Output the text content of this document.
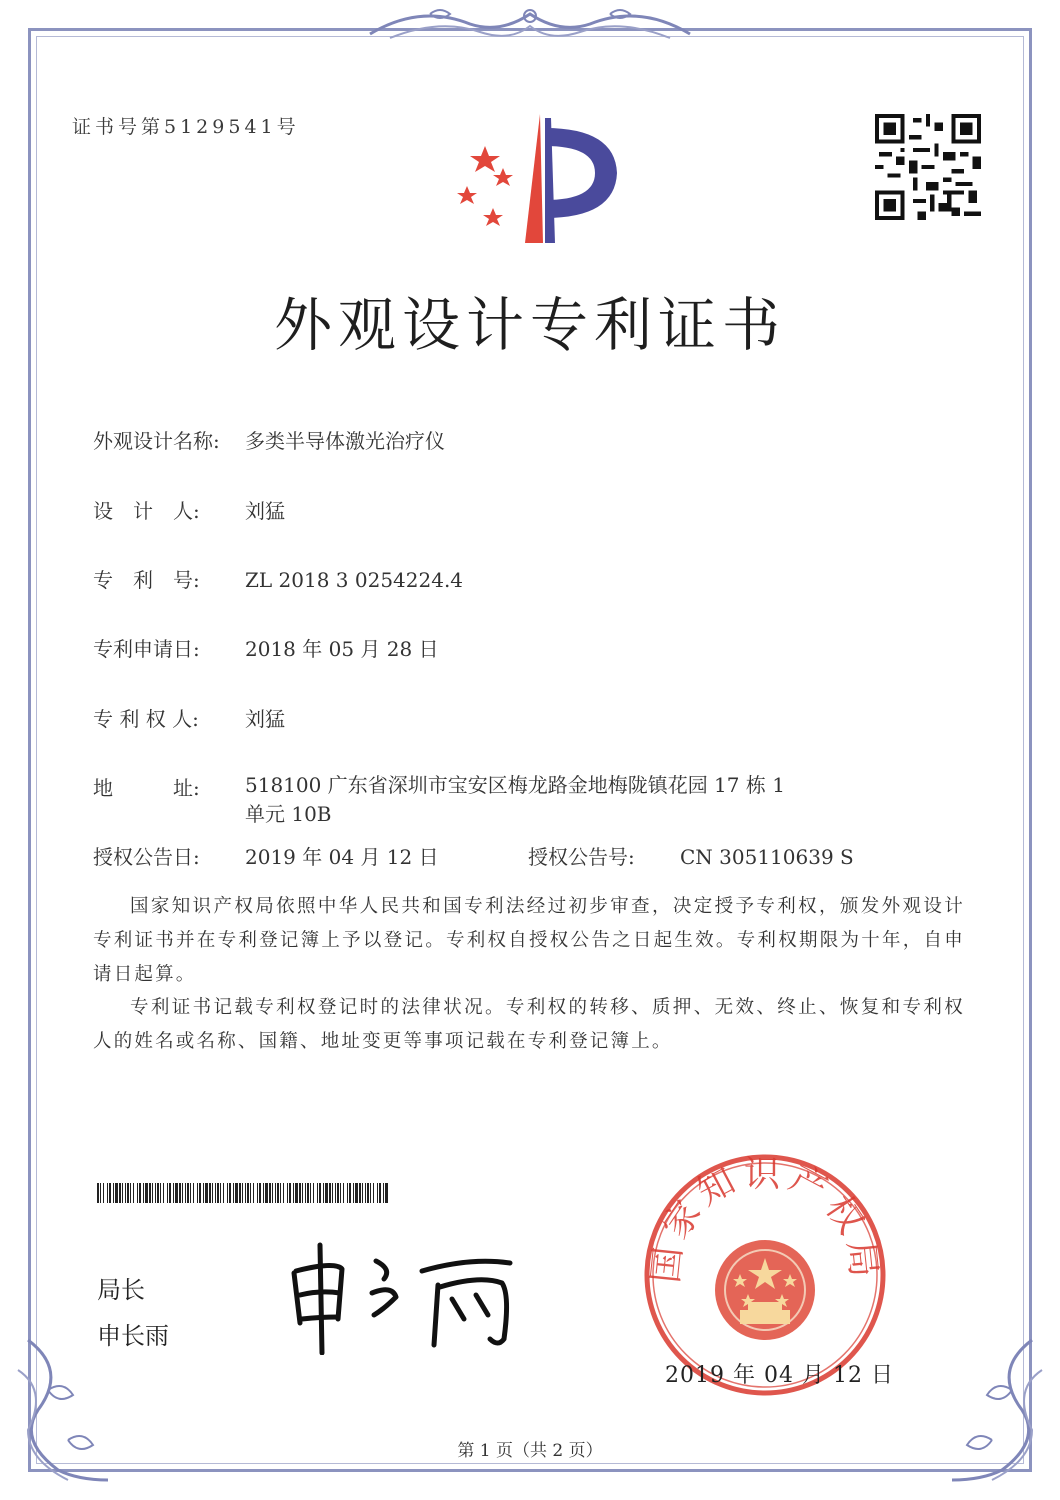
证书号第5129541号
外观设计专利证书
外观设计名称: 多类半导体激光治疗仪
设　计　人: 刘猛
专　利　号: ZL 2018 3 0254224.4
专利申请日: 2018 年 05 月 28 日
专 利 权 人: 刘猛
地　　　址:	518100 广东省深圳市宝安区梅龙路金地梅陇镇花园 17 栋 1
单元 10B
授权公告日: 2019 年 04 月 12 日	授权公告号: CN 305110639 S
国家知识产权局依照中华人民共和国专利法经过初步审查，决定授予专利权，颁发外观设计专利证书并在专利登记簿上予以登记。专利权自授权公告之日起生效。专利权期限为十年，自申请日起算。
专利证书记载专利权登记时的法律状况。专利权的转移、质押、无效、终止、恢复和专利权人的姓名或名称、国籍、地址变更等事项记载在专利登记簿上。
局长
申长雨
国家知识产权局
2019 年 04 月 12 日
第 1 页（共 2 页）
